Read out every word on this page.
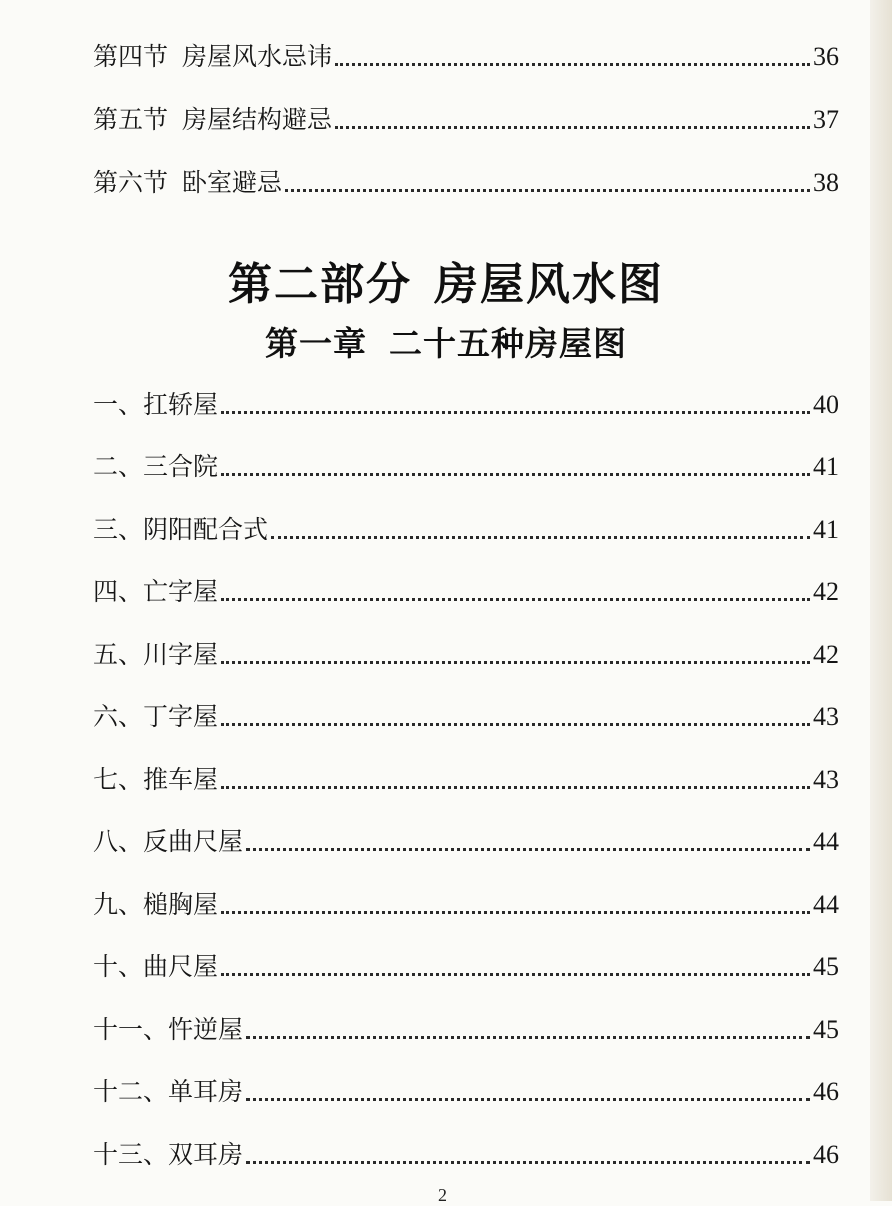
第四节 房屋风水忌讳	36
第五节 房屋结构避忌	37
第六节 卧室避忌	38
第二部分 房屋风水图
第一章 二十五种房屋图
一、扛轿屋	40
二、三合院	41
三、阴阳配合式	41
四、亡字屋	42
五、川字屋	42
六、丁字屋	43
七、推车屋	43
八、反曲尺屋	44
九、槌胸屋	44
十、曲尺屋	45
十一、忤逆屋	45
十二、单耳房	46
十三、双耳房	46
2
